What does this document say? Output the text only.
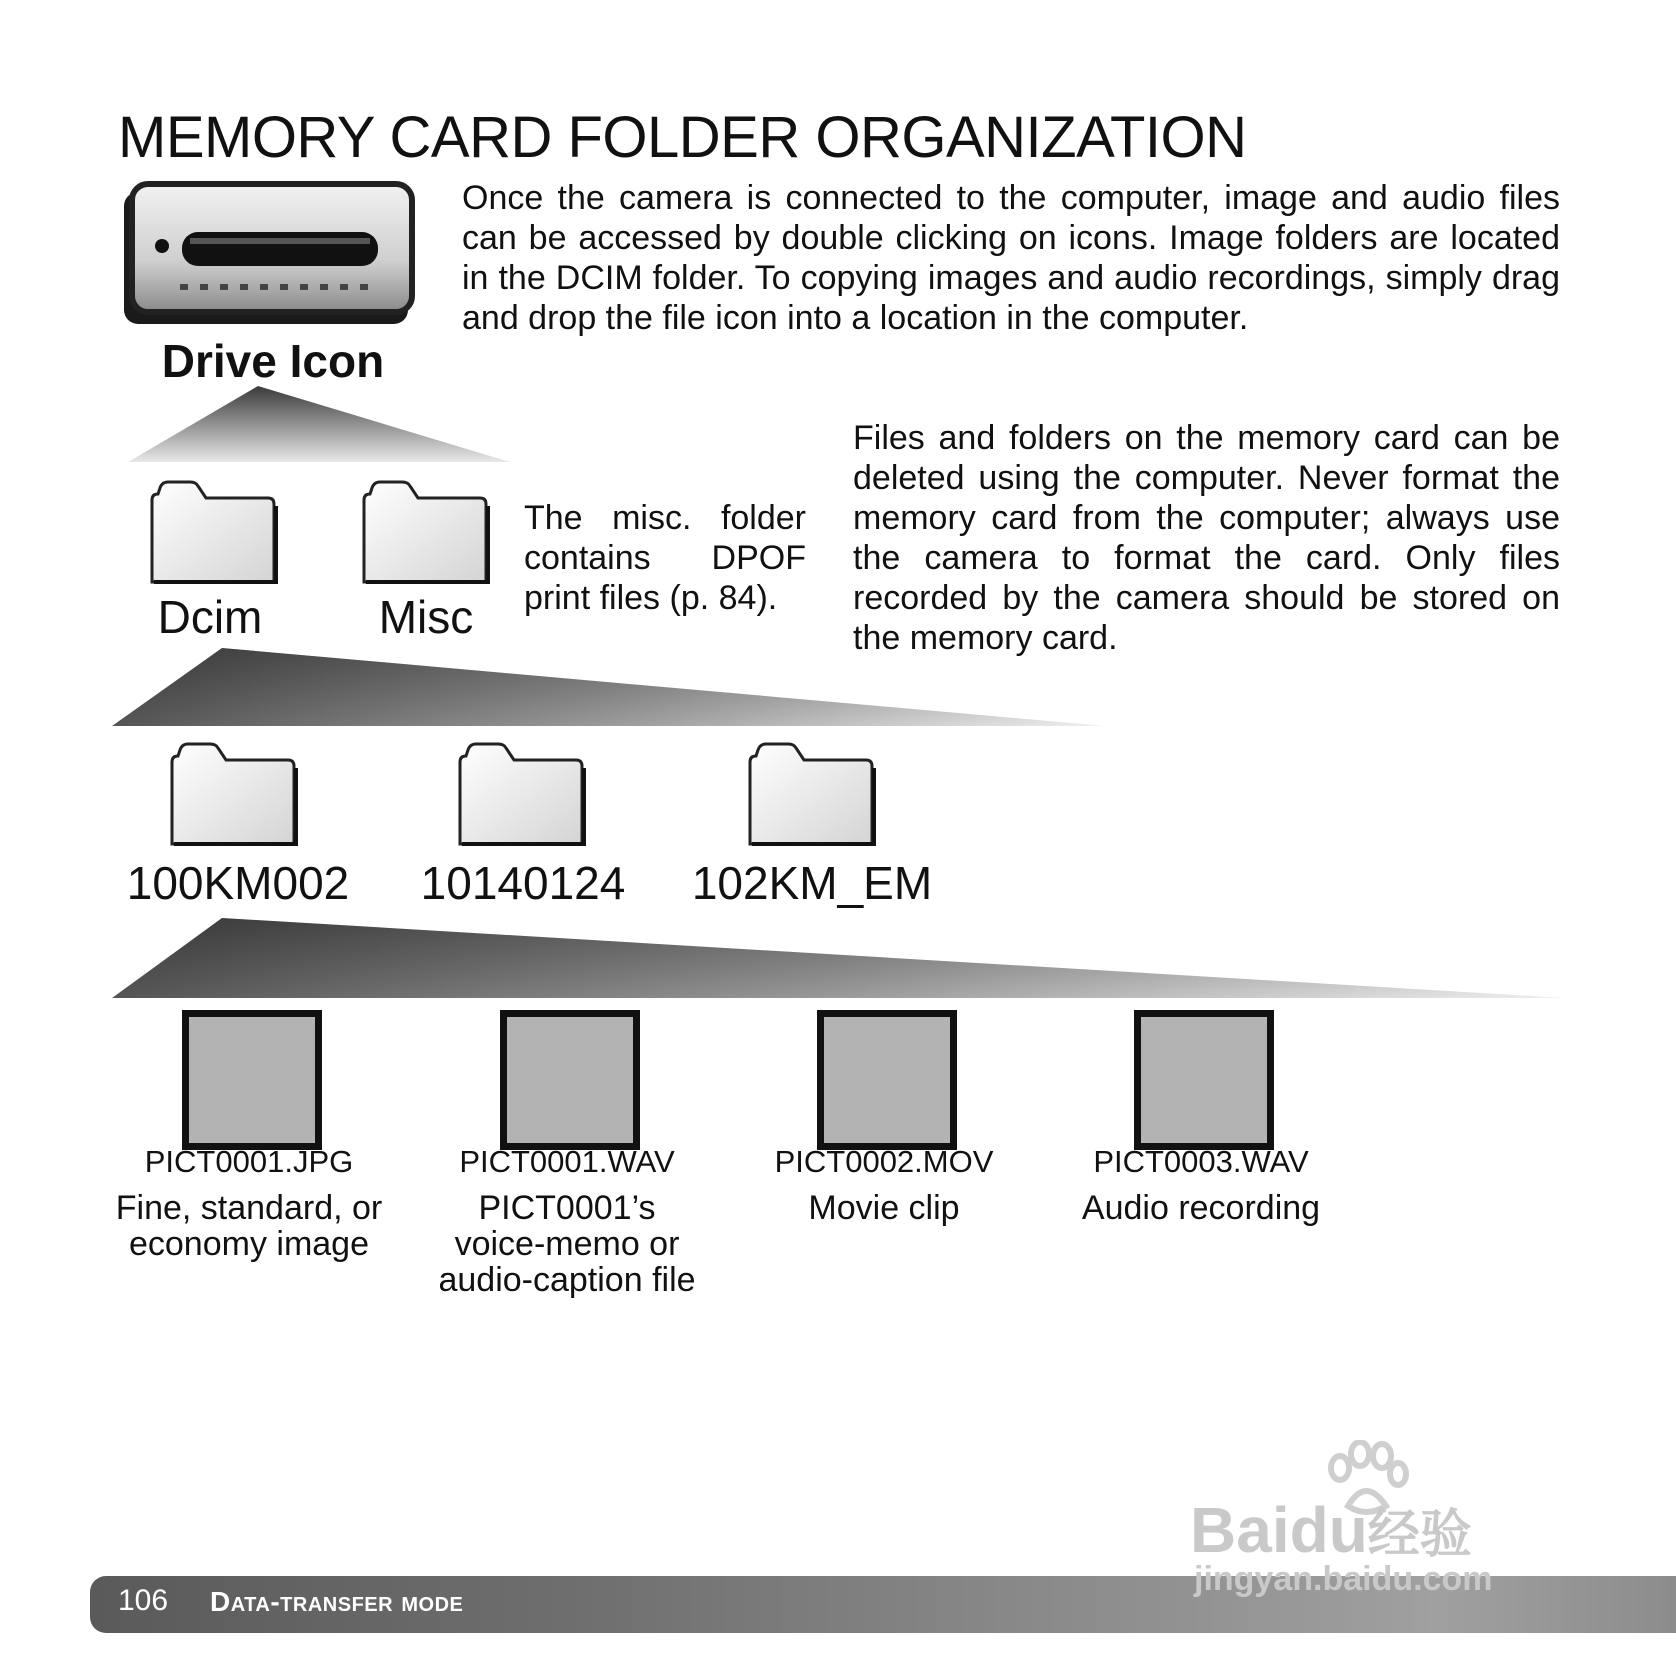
MEMORY CARD FOLDER ORGANIZATION
Drive Icon
Once the camera is connected to the computer, image and audio files can be accessed by double clicking on icons. Image folders are located in the DCIM folder. To copying images and audio recordings, simply drag and drop the file icon into a location in the computer.
Files and folders on the memory card can be deleted using the computer. Never format the memory card from the computer; always use the camera to format the card. Only files recorded by the camera should be stored on the memory card.
The misc. folder contains DPOF print files (p. 84).
Dcim	Misc
100KM002 10140124 102KM_EM
PICT0001.JPG
Fine, standard, or economy image
PICT0001.WAV
PICT0001’s voice-memo or audio-caption file
PICT0002.MOV
Movie clip
PICT0003.WAV
Audio recording
106 Data-transfer mode
Baidu经验
jingyan.baidu.com
